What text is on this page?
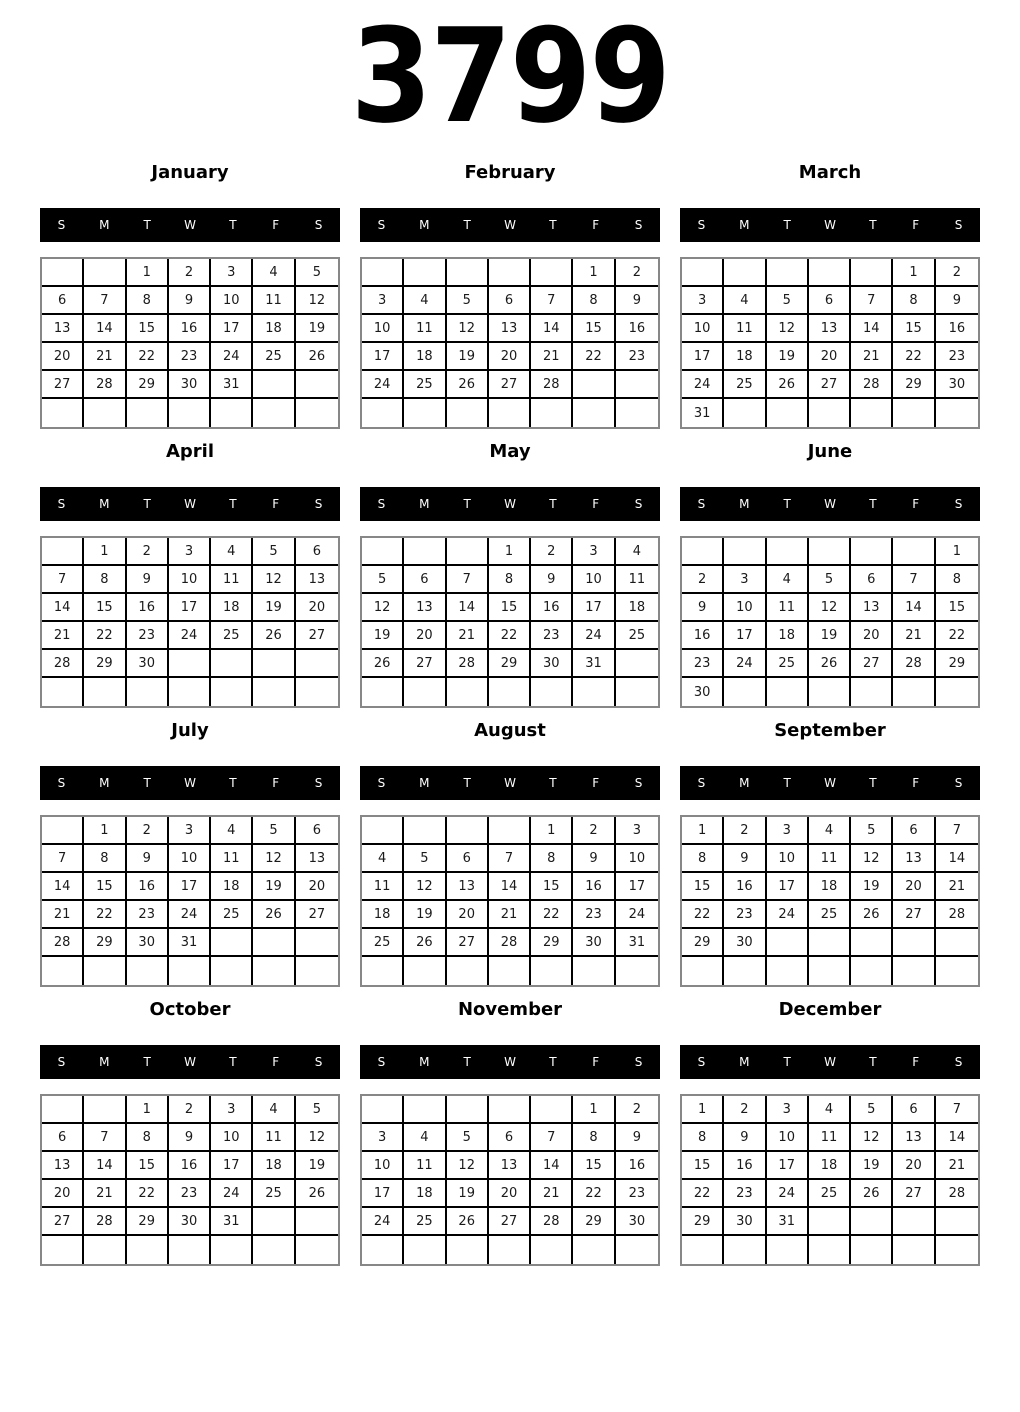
3799
January
S	M	T	W	T	F	S
		1	2	3	4	5
6	7	8	9	10	11	12
13	14	15	16	17	18	19
20	21	22	23	24	25	26
27	28	29	30	31		

February
S	M	T	W	T	F	S
					1	2
3	4	5	6	7	8	9
10	11	12	13	14	15	16
17	18	19	20	21	22	23
24	25	26	27	28		

March
S	M	T	W	T	F	S
					1	2
3	4	5	6	7	8	9
10	11	12	13	14	15	16
17	18	19	20	21	22	23
24	25	26	27	28	29	30
31						
April
S	M	T	W	T	F	S
	1	2	3	4	5	6
7	8	9	10	11	12	13
14	15	16	17	18	19	20
21	22	23	24	25	26	27
28	29	30				

May
S	M	T	W	T	F	S
			1	2	3	4
5	6	7	8	9	10	11
12	13	14	15	16	17	18
19	20	21	22	23	24	25
26	27	28	29	30	31	

June
S	M	T	W	T	F	S
						1
2	3	4	5	6	7	8
9	10	11	12	13	14	15
16	17	18	19	20	21	22
23	24	25	26	27	28	29
30						
July
S	M	T	W	T	F	S
	1	2	3	4	5	6
7	8	9	10	11	12	13
14	15	16	17	18	19	20
21	22	23	24	25	26	27
28	29	30	31			

August
S	M	T	W	T	F	S
				1	2	3
4	5	6	7	8	9	10
11	12	13	14	15	16	17
18	19	20	21	22	23	24
25	26	27	28	29	30	31

September
S	M	T	W	T	F	S
1	2	3	4	5	6	7
8	9	10	11	12	13	14
15	16	17	18	19	20	21
22	23	24	25	26	27	28
29	30					

October
S	M	T	W	T	F	S
		1	2	3	4	5
6	7	8	9	10	11	12
13	14	15	16	17	18	19
20	21	22	23	24	25	26
27	28	29	30	31		

November
S	M	T	W	T	F	S
					1	2
3	4	5	6	7	8	9
10	11	12	13	14	15	16
17	18	19	20	21	22	23
24	25	26	27	28	29	30

December
S	M	T	W	T	F	S
1	2	3	4	5	6	7
8	9	10	11	12	13	14
15	16	17	18	19	20	21
22	23	24	25	26	27	28
29	30	31				
